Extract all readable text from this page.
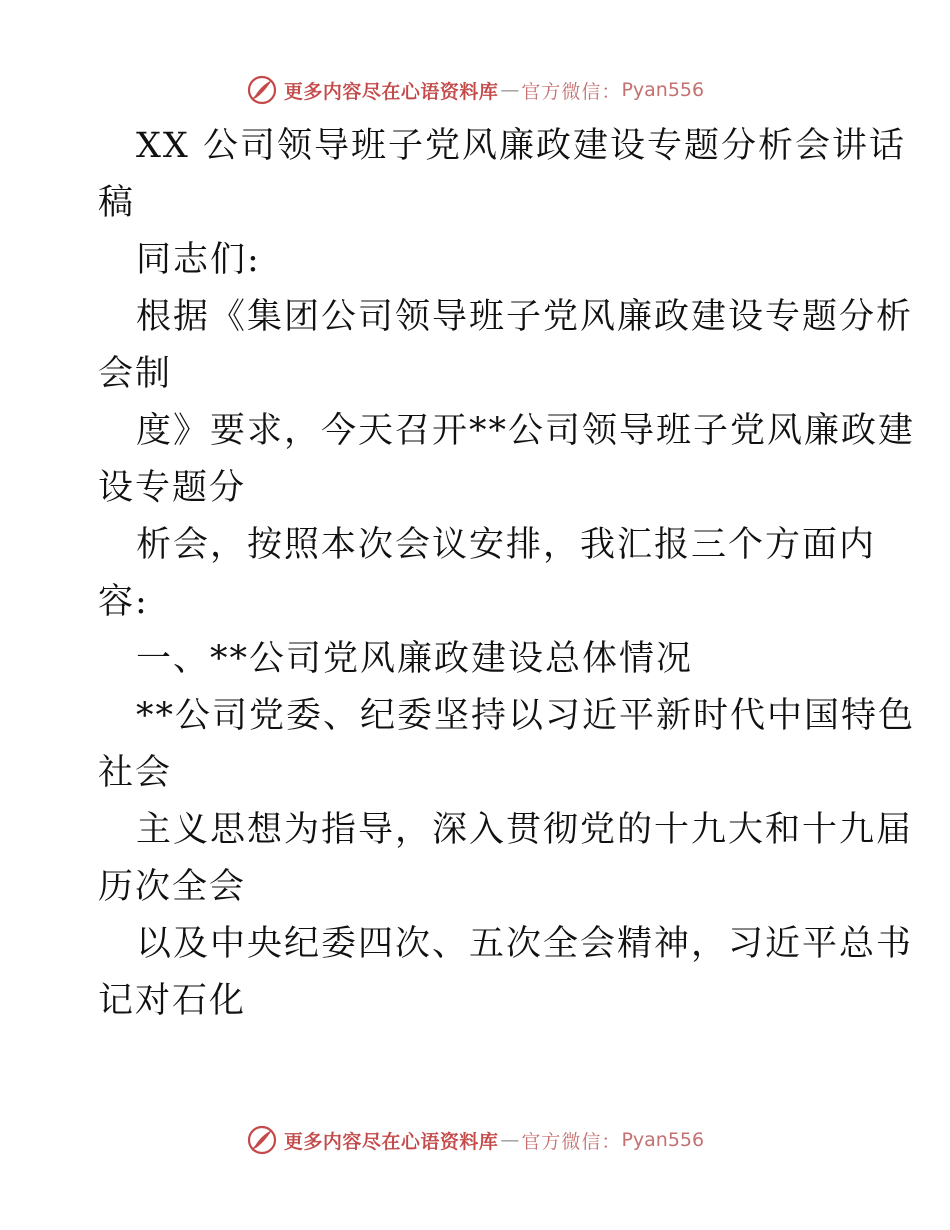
更多内容尽在心语资料库 — 官方微信： Pyan556
XX 公司领导班子党风廉政建设专题分析会讲话
稿
同志们:
根据《集团公司领导班子党风廉政建设专题分析
会制
度》要求，今天召开**公司领导班子党风廉政建
设专题分
析会，按照本次会议安排，我汇报三个方面内
容:
一、**公司党风廉政建设总体情况
**公司党委、纪委坚持以习近平新时代中国特色
社会
主义思想为指导，深入贯彻党的十九大和十九届
历次全会
以及中央纪委四次、五次全会精神，习近平总书
记对石化
更多内容尽在心语资料库 — 官方微信： Pyan556
